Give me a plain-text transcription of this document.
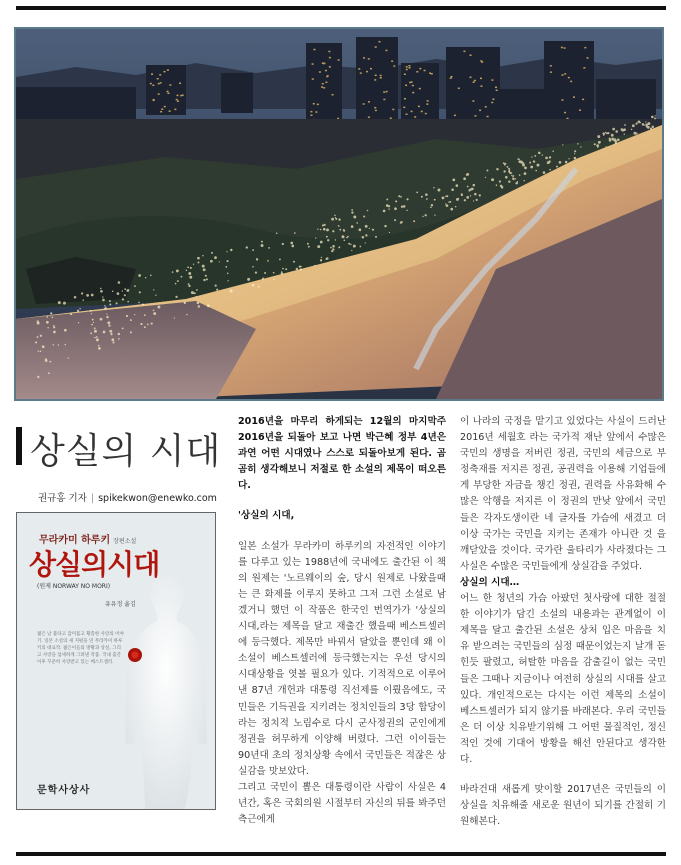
상실의 시대
권규홍 기자 | spikekwon@enewko.com
무라카미 하루키 장편소설
상실의시대
(원제 NORWAY NO MORI)
유유정 옮김
젊은 날 불타고 감미롭고 황홀한 사랑의 이야기. 일본 소설의 새 지평을 연 무라카미 하루키의 대표작. 젊은이들의 방황과 상실, 그리고 사랑을 섬세하게 그려낸 작품. 국내 출간 이후 꾸준히 사랑받고 있는 베스트셀러.
문학사상사

2016년을 마무리 하게되는 12월의 마지막주 2016년을 되돌아 보고 나면 박근혜 정부 4년은 과연 어떤 시대였나 스스로 되돌아보게 된다. 곰곰히 생각해보니 저절로 한 소설의 제목이 떠오른다.

'상실의 시대,

일본 소설가 무라카미 하루키의 자전적인 이야기를 다루고 있는 1988년에 국내에도 출간된 이 책의 원제는 '노르웨이의 숲, 당시 원제로 나왔을때는 큰 화제를 이루지 못하고 그저 그런 소설로 남겠거니 했던 이 작품은 한국인 번역가가 '상실의 시대,라는 제목을 달고 재출간 했을때 베스트셀러에 등극했다. 제목만 바꿔서 달았을 뿐인데 왜 이 소설이 베스트셀러에 등극했는지는 우선 당시의 시대상황을 엿볼 필요가 있다. 기적적으로 이루어낸 87년 개헌과 대통령 직선제를 이뤘음에도, 국민들은 기득권을 지키려는 정치인들의 3당 합당이라는 정치적 노림수로 다시 군사정권의 군인에게 정권을 허무하게 이양해 버렸다. 그런 이이들는 90년대 초의 정치상황 속에서 국민들은 적잖은 상실감을 맛보았다.

그리고 국민이 뽑은 대통령이란 사람이 사실은 4년간, 혹은 국회의원 시절부터 자신의 뒤를 봐주던 측근에게

이 나라의 국정을 맡기고 있었다는 사실이 드러난 2016년 세월호 라는 국가적 재난 앞에서 수많은 국민의 생명을 저버린 정권, 국민의 세금으로 부정축재를 저지른 정권, 공권력을 이용해 기업들에게 부당한 자금을 챙긴 정권, 권력을 사유화해 수많은 악행을 저지른 이 정권의 만낮 앞에서 국민들은 각자도생이란 네 글자를 가슴에 새겼고 더 이상 국가는 국민을 지키는 존재가 아니란 것 을 깨닫았을 것이다. 국가란 울타리가 사라졌다는 그 사실은 수많은 국민들에게 상실감을 주었다.

상실의 시대…

어느 한 청년의 가슴 아팠던 첫사랑에 대한 절절한 이야기가 담긴 소설의 내용과는 관계없이 이 제목을 달고 출간된 소설은 상처 입은 마음을 치유 받으려는 국민들의 심정 때문이었는지 날개 돋힌듯 팔렸고, 허탈한 마음을 감출길이 없는 국민들은 그때나 지금이나 여전히 상실의 시대를 살고있다. 개인적으로는 다시는 이런 제목의 소설이 베스트셀러가 되지 않기를 바래본다. 우리 국민들은 더 이상 치유받기위해 그 어떤 물질적인, 정신적인 것에 기대어 방황을 해선 안된다고 생각한다.

바라건대 새롭게 맞이할 2017년은 국민들의 이 상실을 치유해줄 새로운 원년이 되기를 간절히 기원해본다.
